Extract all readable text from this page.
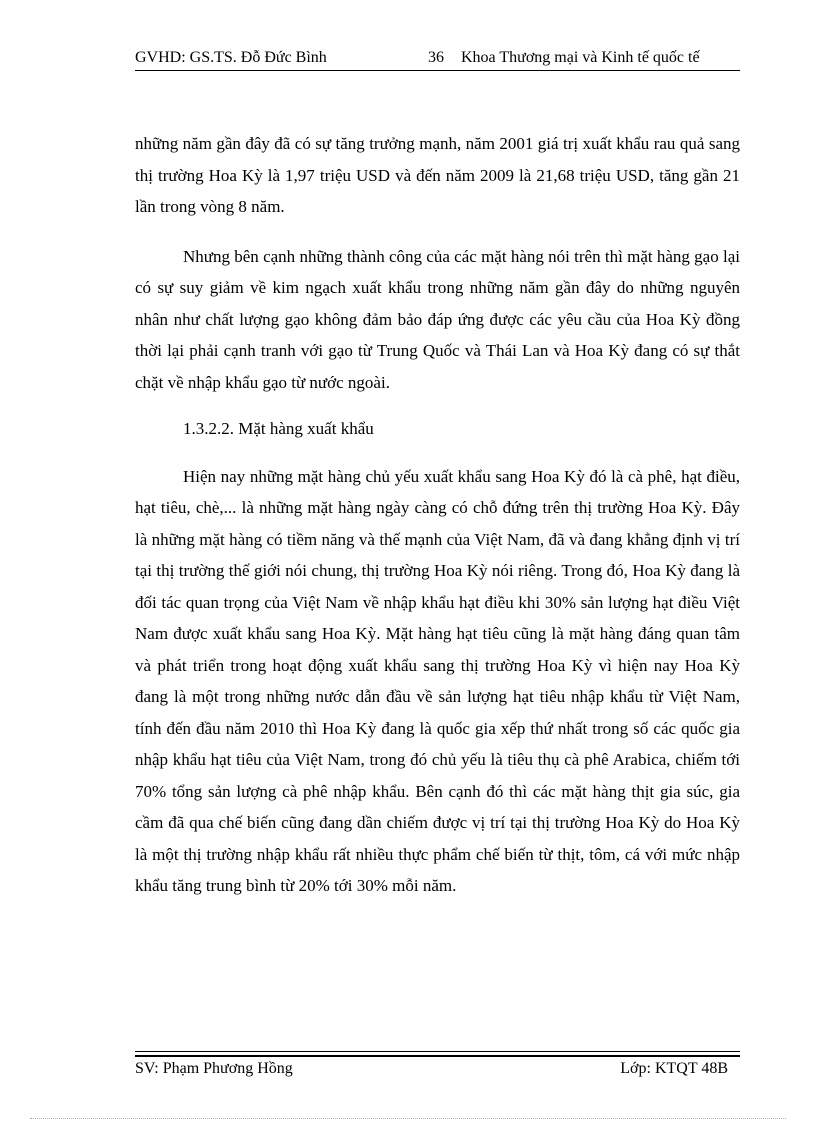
GVHD: GS.TS. Đỗ Đức Bình	36 Khoa Thương mại và Kinh tế quốc tế

những năm gần đây đã có sự tăng trưởng mạnh, năm 2001 giá trị xuất khẩu rau quả sang thị trường Hoa Kỳ là 1,97 triệu USD và đến năm 2009 là 21,68 triệu USD, tăng gần 21 lần trong vòng 8 năm.

Nhưng bên cạnh những thành công của các mặt hàng nói trên thì mặt hàng gạo lại có sự suy giảm về kim ngạch xuất khẩu trong những năm gần đây do những nguyên nhân như chất lượng gạo không đảm bảo đáp ứng được các yêu cầu của Hoa Kỳ đồng thời lại phải cạnh tranh với gạo từ Trung Quốc và Thái Lan và Hoa Kỳ đang có sự thắt chặt về nhập khẩu gạo từ nước ngoài.

1.3.2.2. Mặt hàng xuất khẩu

Hiện nay những mặt hàng chủ yếu xuất khẩu sang Hoa Kỳ đó là cà phê, hạt điều, hạt tiêu, chè,... là những mặt hàng ngày càng có chỗ đứng trên thị trường Hoa Kỳ. Đây là những mặt hàng có tiềm năng và thế mạnh của Việt Nam, đã và đang khẳng định vị trí tại thị trường thế giới nói chung, thị trường Hoa Kỳ nói riêng. Trong đó, Hoa Kỳ đang là đối tác quan trọng của Việt Nam về nhập khẩu hạt điều khi 30% sản lượng hạt điều Việt Nam được xuất khẩu sang Hoa Kỳ. Mặt hàng hạt tiêu cũng là mặt hàng đáng quan tâm và phát triển trong hoạt động xuất khẩu sang thị trường Hoa Kỳ vì hiện nay Hoa Kỳ đang là một trong những nước dẫn đầu về sản lượng hạt tiêu nhập khẩu từ Việt Nam, tính đến đầu năm 2010 thì Hoa Kỳ đang là quốc gia xếp thứ nhất trong số các quốc gia nhập khẩu hạt tiêu của Việt Nam, trong đó chủ yếu là tiêu thụ cà phê Arabica, chiếm tới 70% tổng sản lượng cà phê nhập khẩu. Bên cạnh đó thì các mặt hàng thịt gia súc, gia cầm đã qua chế biến cũng đang dần chiếm được vị trí tại thị trường Hoa Kỳ do Hoa Kỳ là một thị trường nhập khẩu rất nhiều thực phẩm chế biến từ thịt, tôm, cá với mức nhập khẩu tăng trung bình từ 20% tới 30% mỗi năm.

SV: Phạm Phương Hồng	Lớp: KTQT 48B
